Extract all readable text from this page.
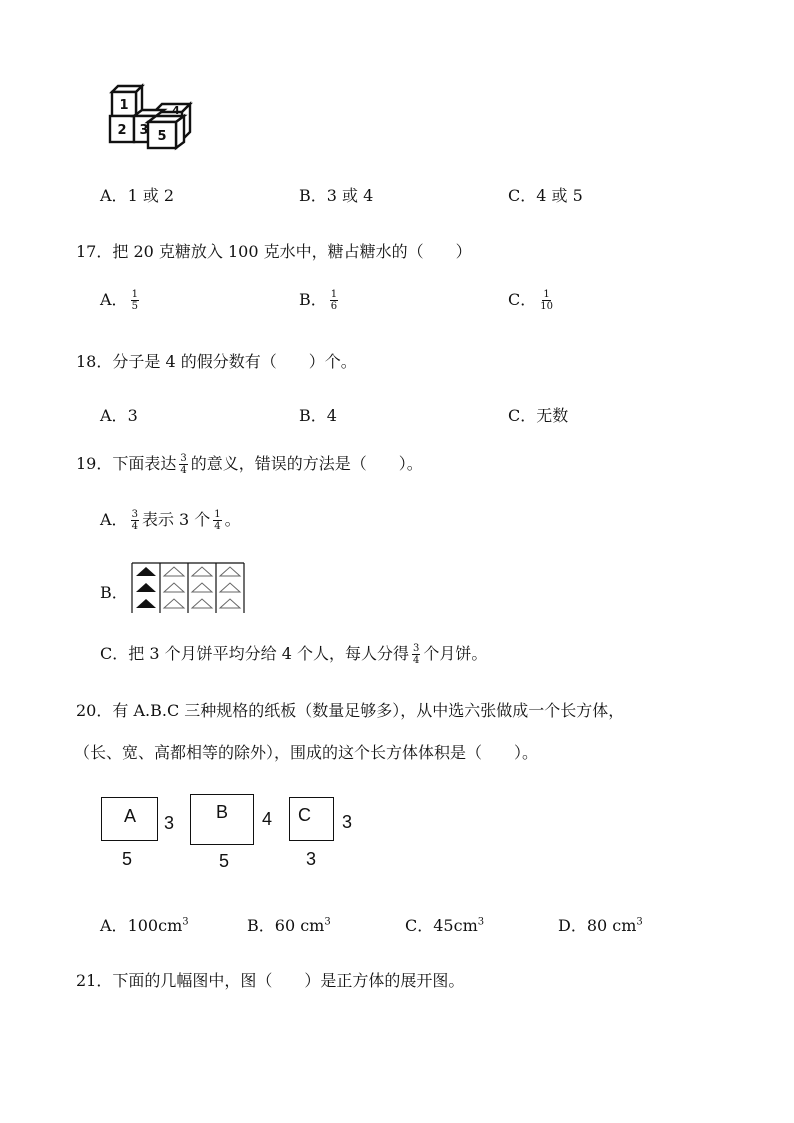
1
2 3
4
5
A．1 或 2	B．3 或 4	C．4 或 5
17．把 20 克糖放入 100 克水中，糖占糖水的（　　）
A． $\frac{1}{5}$	B． $\frac{1}{6}$	C． $\frac{1}{10}$
18．分子是 4 的假分数有（　　）个。
A．3	B．4	C．无数
19．下面表达 $\frac{3}{4}$ 的意义，错误的方法是（　　）。
A． $\frac{3}{4}$ 表示 3 个 $\frac{1}{4}$ 。
B．
C．把 3 个月饼平均分给 4 个人，每人分得 $\frac{3}{4}$ 个月饼。
20．有 A.B.C 三种规格的纸板（数量足够多），从中选六张做成一个长方体，
（长、宽、高都相等的除外），围成的这个长方体体积是（　　）。
A 3
5
B 4
5
C 3
3
A．$100cm^3$	B．60 $cm^3$	C．$45cm^3$	D．80 $cm^3$
21．下面的几幅图中，图（　　）是正方体的展开图。
